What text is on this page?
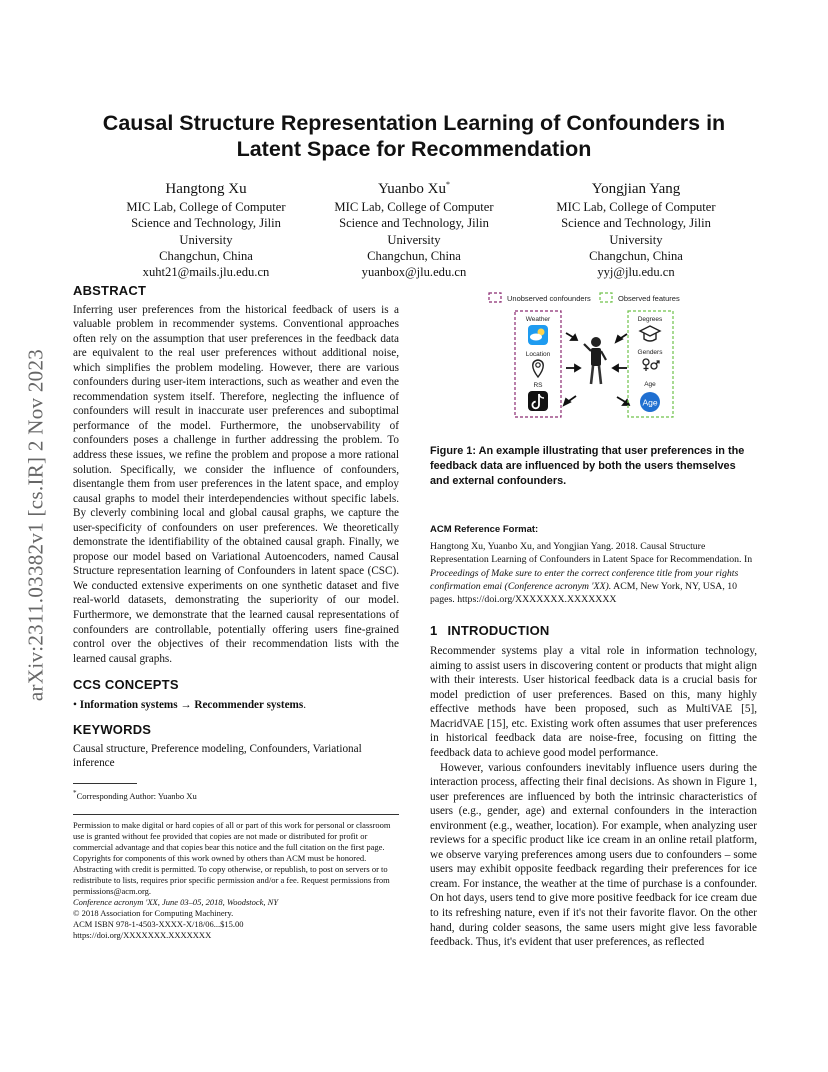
arXiv:2311.03382v1 [cs.IR] 2 Nov 2023
Causal Structure Representation Learning of Confounders in Latent Space for Recommendation
Hangtong Xu
MIC Lab, College of Computer Science and Technology, Jilin University
Changchun, China
xuht21@mails.jlu.edu.cn
Yuanbo Xu*
MIC Lab, College of Computer Science and Technology, Jilin University
Changchun, China
yuanbox@jlu.edu.cn
Yongjian Yang
MIC Lab, College of Computer Science and Technology, Jilin University
Changchun, China
yyj@jlu.edu.cn
ABSTRACT

Inferring user preferences from the historical feedback of users is a valuable problem in recommender systems. Conventional approaches often rely on the assumption that user preferences in the feedback data are equivalent to the real user preferences without additional noise, which simplifies the problem modeling. However, there are various confounders during user-item interactions, such as weather and even the recommendation system itself. Therefore, neglecting the influence of confounders will result in inaccurate user preferences and suboptimal performance of the model. Furthermore, the unobservability of confounders poses a challenge in further addressing the problem. To address these issues, we refine the problem and propose a more rational solution. Specifically, we consider the influence of confounders, disentangle them from user preferences in the latent space, and employ causal graphs to model their interdependencies without specific labels. By cleverly combining local and global causal graphs, we capture the user-specificity of confounders on user preferences. We theoretically demonstrate the identifiability of the obtained causal graph. Finally, we propose our model based on Variational Autoencoders, named Causal Structure representation learning of Confounders in latent space (CSC). We conducted extensive experiments on one synthetic dataset and five real-world datasets, demonstrating the superiority of our model. Furthermore, we demonstrate that the learned causal representations of confounders are controllable, potentially offering users fine-grained control over the objectives of their recommendation lists with the learned causal graphs.

CCS CONCEPTS

• Information systems → Recommender systems.

KEYWORDS

Causal structure, Preference modeling, Confounders, Variational inference

*Corresponding Author: Yuanbo Xu

Permission to make digital or hard copies of all or part of this work for personal or classroom use is granted without fee provided that copies are not made or distributed for profit or commercial advantage and that copies bear this notice and the full citation on the first page. Copyrights for components of this work owned by others than ACM must be honored. Abstracting with credit is permitted. To copy otherwise, or republish, to post on servers or to redistribute to lists, requires prior specific permission and/or a fee. Request permissions from permissions@acm.org.

Conference acronym 'XX, June 03–05, 2018, Woodstock, NY
© 2018 Association for Computing Machinery.
ACM ISBN 978-1-4503-XXXX-X/18/06...$15.00
https://doi.org/XXXXXXX.XXXXXXX
Unobserved confounders	Observed features
Weather
Location
RS
Degrees
Genders
Age
Age

Figure 1: An example illustrating that user preferences in the feedback data are influenced by both the users themselves and external confounders.

ACM Reference Format:

Hangtong Xu, Yuanbo Xu, and Yongjian Yang. 2018. Causal Structure Representation Learning of Confounders in Latent Space for Recommendation. In Proceedings of Make sure to enter the correct conference title from your rights confirmation emai (Conference acronym 'XX). ACM, New York, NY, USA, 10 pages. https://doi.org/XXXXXXX.XXXXXXX

1 INTRODUCTION

Recommender systems play a vital role in information technology, aiming to assist users in discovering content or products that might align with their interests. User historical feedback data is a crucial basis for model prediction of user preferences. Based on this, many highly effective methods have been proposed, such as MultiVAE [5], MacridVAE [15], etc. Existing work often assumes that user preferences in historical feedback data are noise-free, focusing on fitting the feedback data to achieve good model performance.

However, various confounders inevitably influence users during the interaction process, affecting their final decisions. As shown in Figure 1, user preferences are influenced by both the intrinsic characteristics of users (e.g., gender, age) and external confounders in the interaction environment (e.g., weather, location). For example, when analyzing user reviews for a specific product like ice cream in an online retail platform, we observe varying preferences among users due to confounders – some users may exhibit opposite feedback regarding their preferences for ice cream. For instance, the weather at the time of purchase is a confounder. On hot days, users tend to give more positive feedback for ice cream due to its refreshing nature, even if it's not their favorite flavor. On the other hand, during colder seasons, the same users might give less favorable feedback. Thus, it's evident that user preferences, as reflected
